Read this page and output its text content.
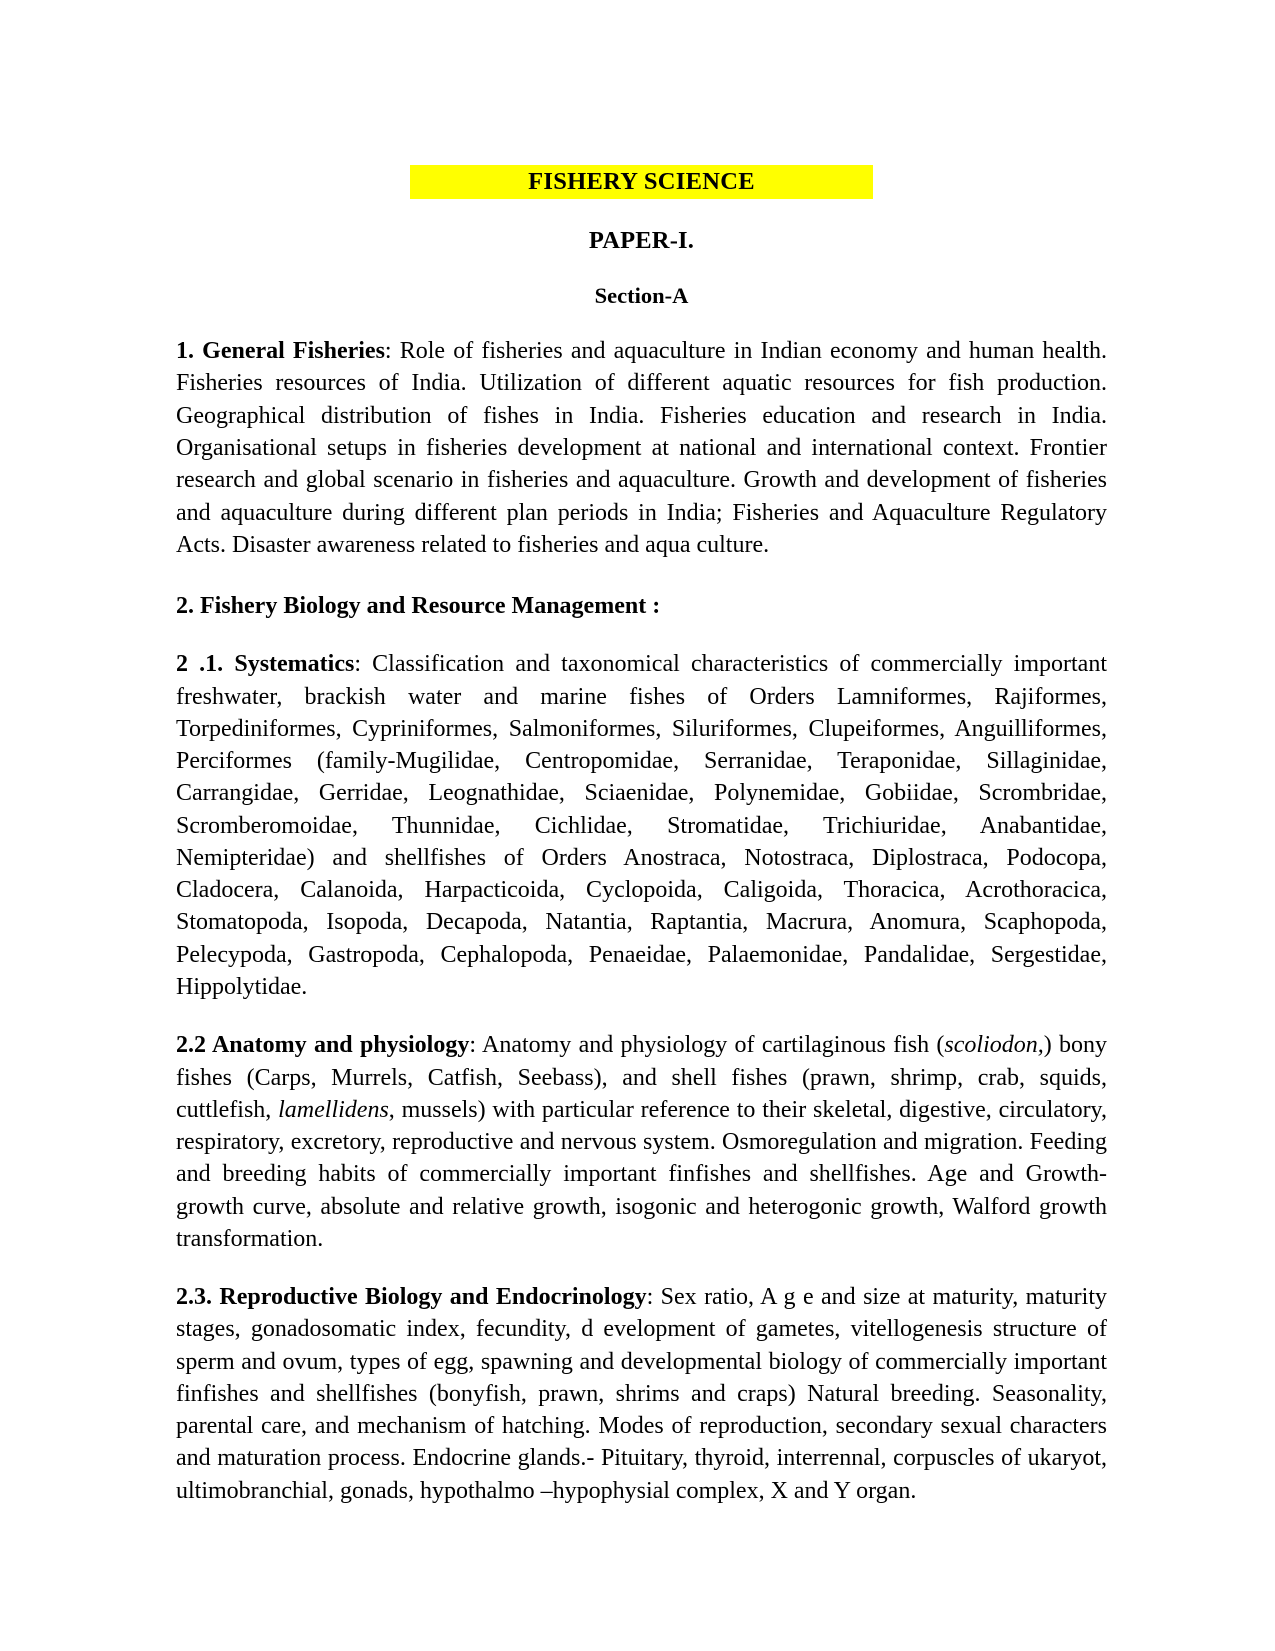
FISHERY SCIENCE
PAPER-I.
Section-A

1. General Fisheries: Role of fisheries and aquaculture in Indian economy and human health. Fisheries resources of India. Utilization of different aquatic resources for fish production. Geographical distribution of fishes in India. Fisheries education and research in India. Organisational setups in fisheries development at national and international context. Frontier research and global scenario in fisheries and aquaculture. Growth and development of fisheries and aquaculture during different plan periods in India; Fisheries and Aquaculture Regulatory Acts. Disaster awareness related to fisheries and aqua culture.

2. Fishery Biology and Resource Management :

2 .1. Systematics: Classification and taxonomical characteristics of commercially important freshwater, brackish water and marine fishes of Orders Lamniformes, Rajiformes, Torpediniformes, Cypriniformes, Salmoniformes, Siluriformes, Clupeiformes, Anguilliformes, Perciformes (family-Mugilidae, Centropomidae, Serranidae, Teraponidae, Sillaginidae, Carrangidae, Gerridae, Leognathidae, Sciaenidae, Polynemidae, Gobiidae, Scrombridae, Scromberomoidae, Thunnidae, Cichlidae, Stromatidae, Trichiuridae, Anabantidae, Nemipteridae) and shellfishes of Orders Anostraca, Notostraca, Diplostraca, Podocopa, Cladocera, Calanoida, Harpacticoida, Cyclopoida, Caligoida, Thoracica, Acrothoracica, Stomatopoda, Isopoda, Decapoda, Natantia, Raptantia, Macrura, Anomura, Scaphopoda, Pelecypoda, Gastropoda, Cephalopoda, Penaeidae, Palaemonidae, Pandalidae, Sergestidae, Hippolytidae.

2.2 Anatomy and physiology: Anatomy and physiology of cartilaginous fish (scoliodon,) bony fishes (Carps, Murrels, Catfish, Seebass), and shell fishes (prawn, shrimp, crab, squids, cuttlefish, lamellidens, mussels) with particular reference to their skeletal, digestive, circulatory, respiratory, excretory, reproductive and nervous system. Osmoregulation and migration. Feeding and breeding habits of commercially important finfishes and shellfishes. Age and Growth-growth curve, absolute and relative growth, isogonic and heterogonic growth, Walford growth transformation.

2.3. Reproductive Biology and Endocrinology: Sex ratio, A g e and size at maturity, maturity stages, gonadosomatic index, fecundity, d evelopment of gametes, vitellogenesis structure of sperm and ovum, types of egg, spawning and developmental biology of commercially important finfishes and shellfishes (bonyfish, prawn, shrims and craps) Natural breeding. Seasonality, parental care, and mechanism of hatching. Modes of reproduction, secondary sexual characters and maturation process. Endocrine glands.- Pituitary, thyroid, interrennal, corpuscles of ukaryot, ultimobranchial, gonads, hypothalmo –hypophysial complex, X and Y organ.
